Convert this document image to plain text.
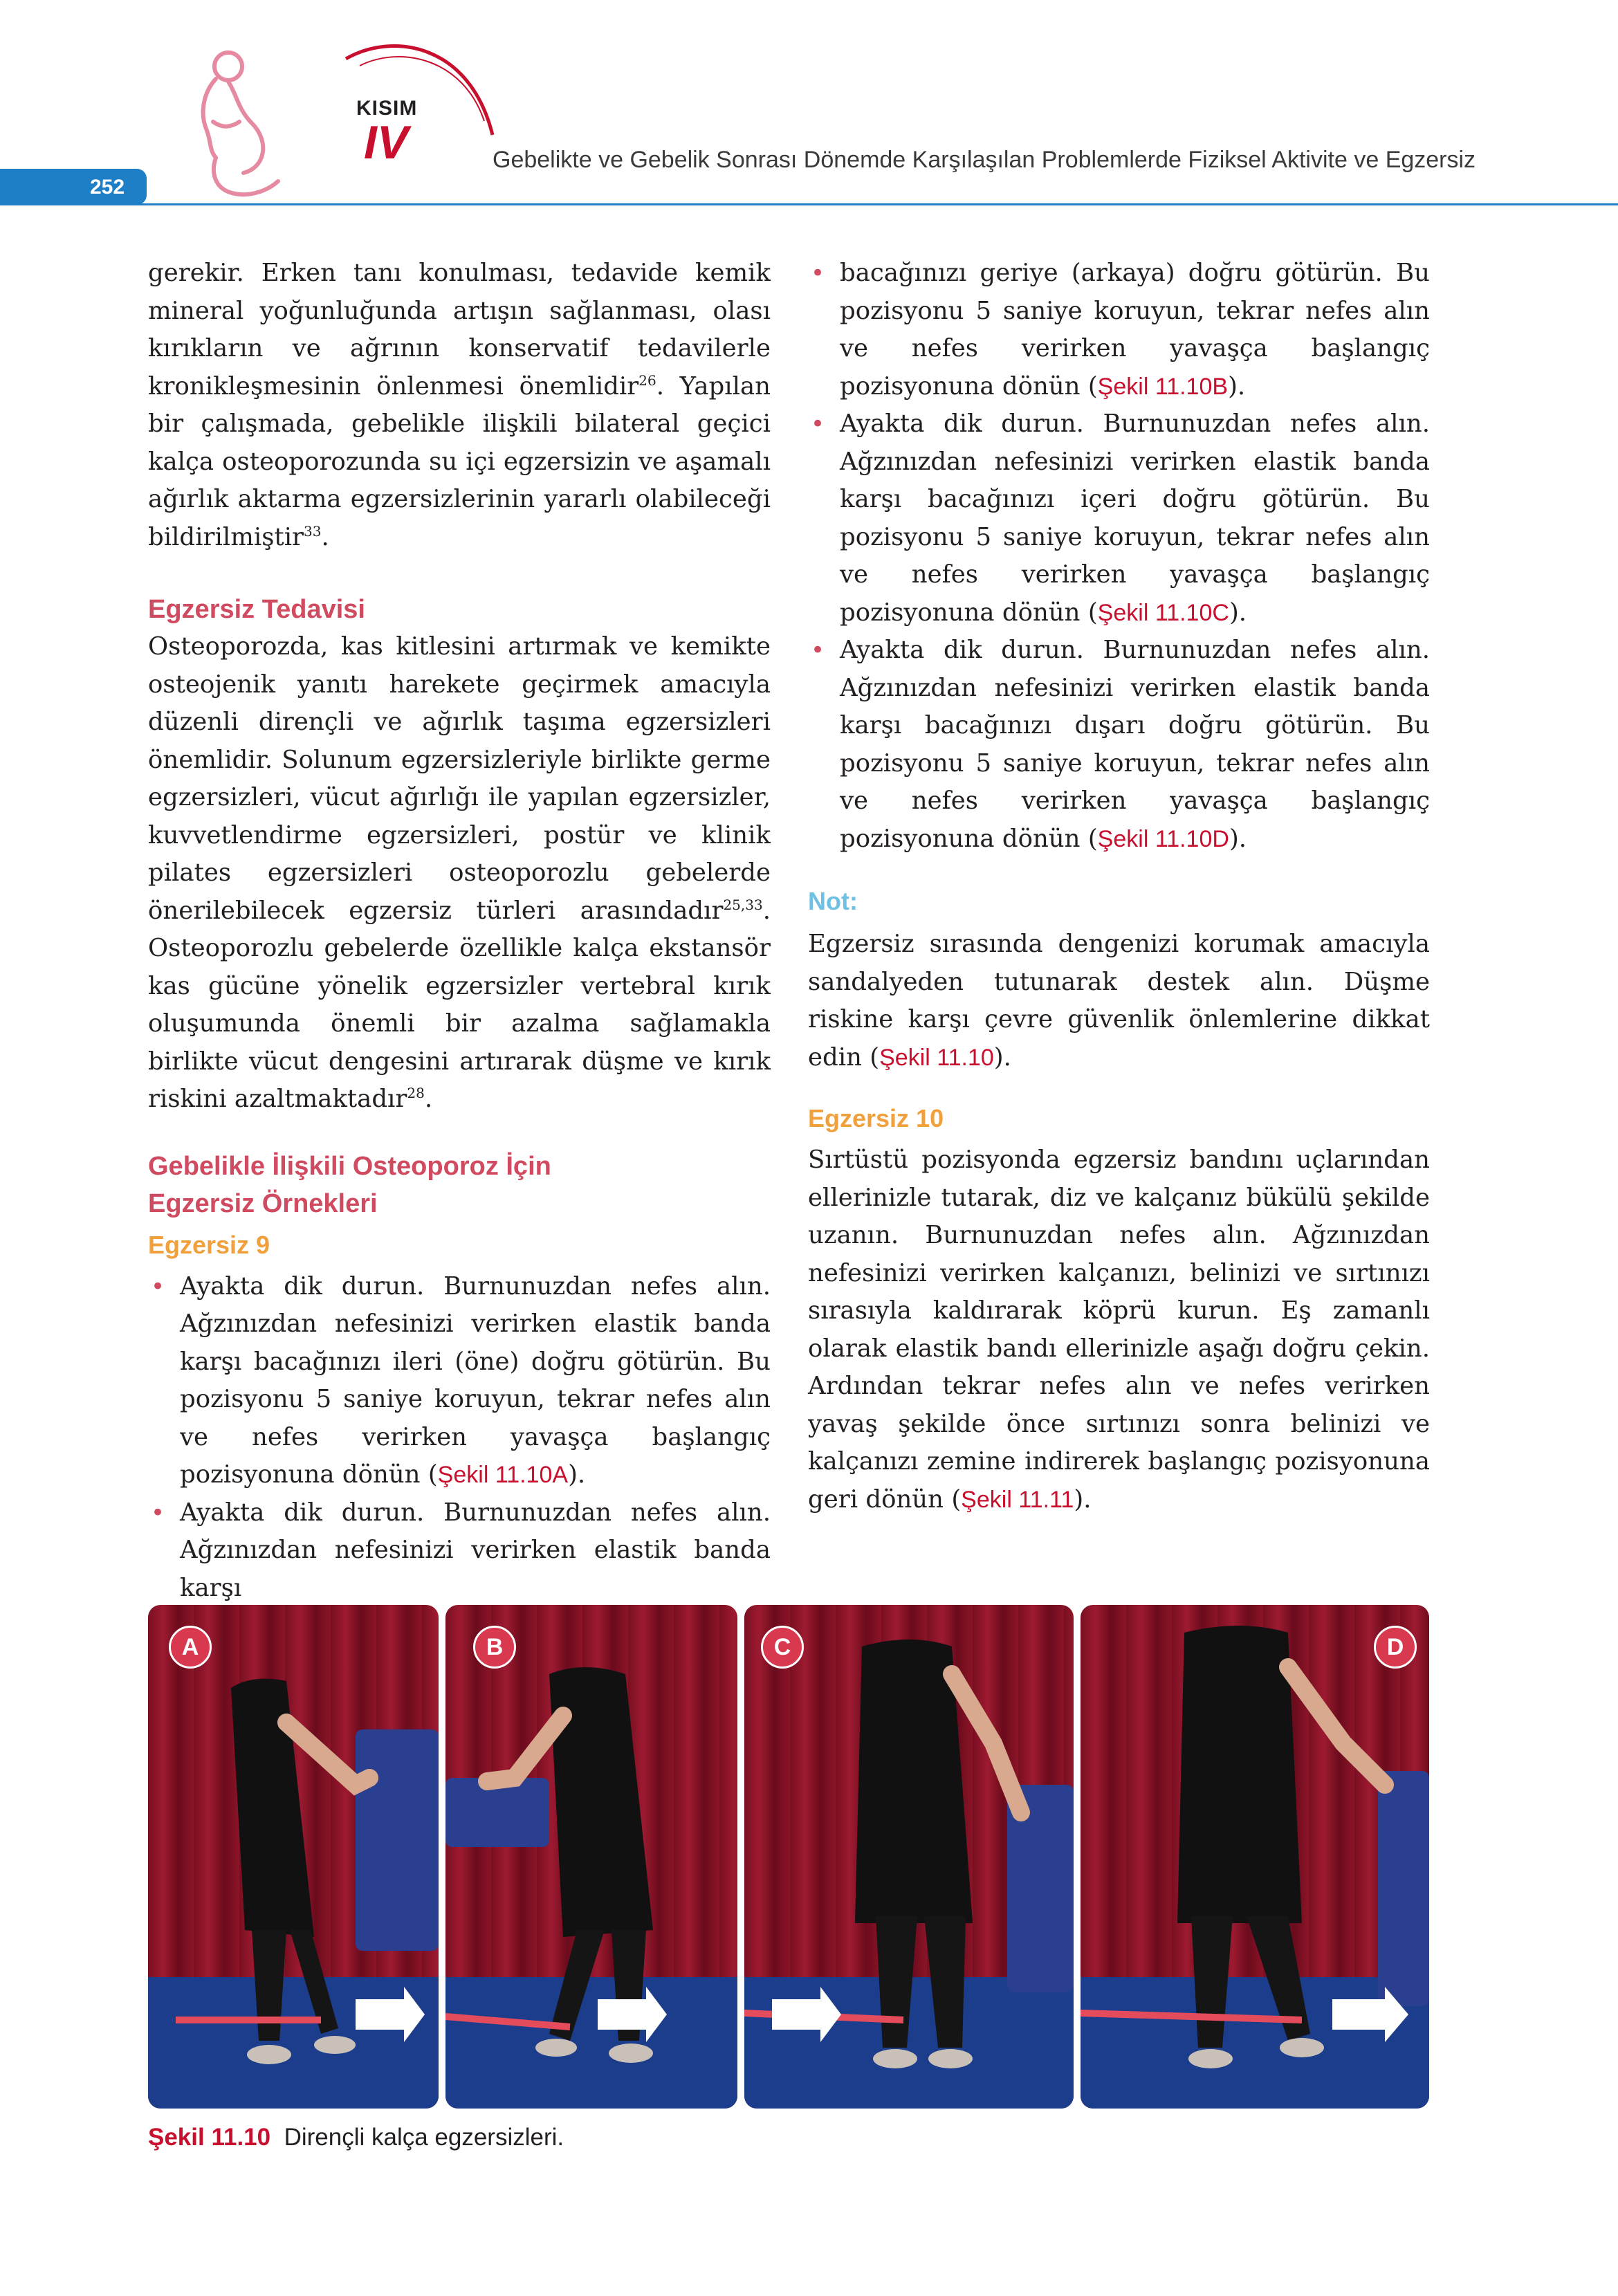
KISIM
IV	Gebelikte ve Gebelik Sonrası Dönemde Karşılaşılan Problemlerde Fiziksel Aktivite ve Egzersiz
252

gerekir. Erken tanı konulması, tedavide kemik mineral yoğunluğunda artışın sağlanması, olası kırıkların ve ağrının konservatif tedavilerle kronikleşmesinin önlenmesi önemlidir$^{26}$. Yapılan bir çalışmada, gebelikle ilişkili bilateral geçici kalça osteoporozunda su içi egzersizin ve aşamalı ağırlık aktarma egzersizlerinin yararlı olabileceği bildirilmiştir$^{33}$.

Egzersiz Tedavisi

Osteoporozda, kas kitlesini artırmak ve kemikte osteojenik yanıtı harekete geçirmek amacıyla düzenli dirençli ve ağırlık taşıma egzersizleri önemlidir. Solunum egzersizleriyle birlikte germe egzersizleri, vücut ağırlığı ile yapılan egzersizler, kuvvetlendirme egzersizleri, postür ve klinik pilates egzersizleri osteoporozlu gebelerde önerilebilecek egzersiz türleri arasındadır$^{25,33}$. Osteoporozlu gebelerde özellikle kalça ekstansör kas gücüne yönelik egzersizler vertebral kırık oluşumunda önemli bir azalma sağlamakla birlikte vücut dengesini artırarak düşme ve kırık riskini azaltmaktadır$^{28}$.

Gebelikle İlişkili Osteoporoz İçin
Egzersiz Örnekleri
Egzersiz 9
• Ayakta dik durun. Burnunuzdan nefes alın. Ağzınızdan nefesinizi verirken elastik banda karşı bacağınızı ileri (öne) doğru götürün. Bu pozisyonu 5 saniye koruyun, tekrar nefes alın ve nefes verirken yavaşça başlangıç pozisyonuna dönün (Şekil 11.10A).
• Ayakta dik durun. Burnunuzdan nefes alın. Ağzınızdan nefesinizi verirken elastik banda karşı
• bacağınızı geriye (arkaya) doğru götürün. Bu pozisyonu 5 saniye koruyun, tekrar nefes alın ve nefes verirken yavaşça başlangıç pozisyonuna dönün (Şekil 11.10B).
• Ayakta dik durun. Burnunuzdan nefes alın. Ağzınızdan nefesinizi verirken elastik banda karşı bacağınızı içeri doğru götürün. Bu pozisyonu 5 saniye koruyun, tekrar nefes alın ve nefes verirken yavaşça başlangıç pozisyonuna dönün (Şekil 11.10C).
• Ayakta dik durun. Burnunuzdan nefes alın. Ağzınızdan nefesinizi verirken elastik banda karşı bacağınızı dışarı doğru götürün. Bu pozisyonu 5 saniye koruyun, tekrar nefes alın ve nefes verirken yavaşça başlangıç pozisyonuna dönün (Şekil 11.10D).
Not:

Egzersiz sırasında dengenizi korumak amacıyla sandalyeden tutunarak destek alın. Düşme riskine karşı çevre güvenlik önlemlerine dikkat edin (Şekil 11.10).

Egzersiz 10

Sırtüstü pozisyonda egzersiz bandını uçlarından ellerinizle tutarak, diz ve kalçanız bükülü şekilde uzanın. Burnunuzdan nefes alın. Ağzınızdan nefesinizi verirken kalçanızı, belinizi ve sırtınızı sırasıyla kaldırarak köprü kurun. Eş zamanlı olarak elastik bandı ellerinizle aşağı doğru çekin. Ardından tekrar nefes alın ve nefes verirken yavaş şekilde önce sırtınızı sonra belinizi ve kalçanızı zemine indirerek başlangıç pozisyonuna geri dönün (Şekil 11.11).

A	B	C	D
Şekil 11.10 Dirençli kalça egzersizleri.
